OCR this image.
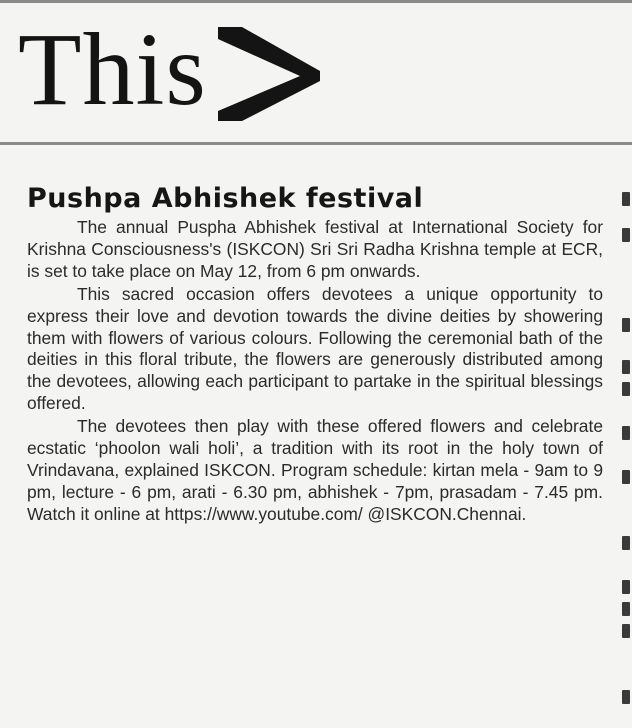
This
Pushpa Abhishek festival

The annual Puspha Abhishek festival at International Society for Krishna Consciousness's (ISKCON) Sri Sri Radha Krishna temple at ECR, is set to take place on May 12, from 6 pm onwards.

This sacred occasion offers devotees a unique opportunity to express their love and devotion towards the divine deities by showering them with flowers of various colours. Following the ceremonial bath of the deities in this floral tribute, the flowers are generously distributed among the devotees, allowing each participant to partake in the spiritual blessings offered.

The devotees then play with these offered flowers and celebrate ecstatic ‘phoolon wali holi’, a tradition with its root in the holy town of Vrindavana, explained ISKCON. Program schedule: kirtan mela - 9am to 9 pm, lecture - 6 pm, arati - 6.30 pm, abhishek - 7pm, prasadam - 7.45 pm. Watch it online at https://www.youtube.com/ @ISKCON.Chennai.
